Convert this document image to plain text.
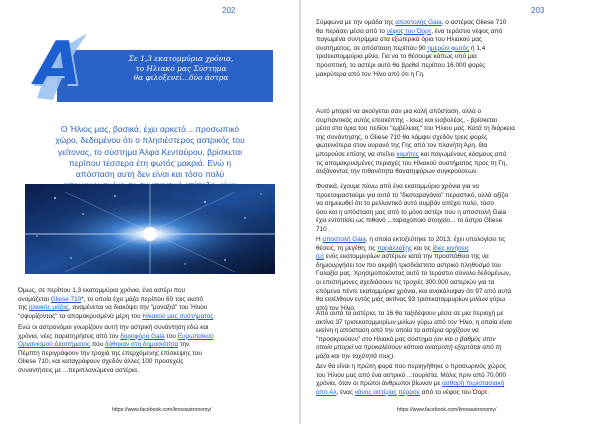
202
A	Σε 1,3 εκατομμύρια χρόνια,
το Ηλιακό μας Σύστημα
θα φιλοξενεί...δύο άστρα
Ο Ήλιος μας, βασικά, έχει αρκετό ...προσωπικό
χώρο, δεδομένου ότι ο πλησιέστερος αστρικός του
γείτονας, το σύστημα Άλφα Κενταύρου, βρίσκεται
περίπου τέσσερα έτη φωτός μακριά. Ενώ η
απόσταση αυτή δεν είναι και τόσο πολύ
Όμως, σε περίπου 1,3 εκατομμύρια χρόνια, ένα αστέρι που
ονομάζεται Gliese 710*, το οποίο έχει μάζα περίπου 60 τοις εκατό
της ηλιακής μάζας, αναμένεται να διακόψει την "μοναξιά" του Ήλιου
"σφυρίζοντας" τα απομακρυσμένα μέρη του Ηλιακού μας συστήματος.
Ενώ οι αστρονόμοι γνωρίζουν αυτή την αστρική συνάντηση εδώ και
χρόνια, νέες παρατηρήσεις από τον δορυφόρο Gaia του Ευρωπαϊκού
Οργανισμού Διαστήματος που δόθηκαν στη δημοσιότητα την
Πέμπτη περιγράφουν την τροχιά της επερχόμενης επίσκεψης του
Gliese 710, και καταγράφουν σχεδόν άλλες 100 προσεχείς
συναντήσεις με ...περιπλανώμενα αστέρια.
https://www.facebook.com/knowastronomy/
203
Σύμφωνα με την ομάδα της αποστολής Gaia, ο αστέρας Gliese 710
θα περάσει μέσα από το νέφος του Όορτ, ένα τεράστιο νέφος από
παγωμένα συντρίμμια στα εξωτερικά όρια του Ηλιακού μας
συστήματος, σε απόσταση περίπου 90 ημερών φωτός ή 1,4
τρισεκατομμύρια μίλια. Για να το θέσουμε κάπως υπό μια
προοπτική, το αστέρι αυτό θα βρεθεί περίπου 16.000 φορές
μακρύτερα από τον Ήλιο από ότι η Γη.
Αυτό μπορεί να ακούγεται σαν μια καλή απόσταση, αλλά ο
συμπαντικός αυτός επισκέπτης - ίσως και εισβολέας, - βρίσκεται
μέσα στα όρια του πεδίου "εμβέλειας" του Ήλιου μας. Κατά τη διάρκεια
της συνάντησης, ο Gliese 710 θα λάμψει σχεδόν τρεις φορές
φωτεινότερα στον ουρανό της Γης από τον πλανήτη Άρη. Θα
μπορούσε επίσης να στείλει κομήτες και παγωμένους κόσμους από
τις απομακρυσμένες περιοχές του Ηλιακού συστήματος προς τη Γη,
αυξάνοντας την πιθανότητα θανατηφόρων συγκρούσεων.
Φυσικά, έχουμε πάνω από ένα εκατομμύριο χρόνια για να
προετοιμαστούμε για αυτό το "διαπαραγάνιο" περαστικό, αλλά αξίζει
να σημειωθεί ότι το μελλοντικό αυτό συμβάν απέχει πολύ, τόσο
όσο και η απόσταση μας από το μόνο αστέρι που η αποστολή Gaia
έχει εντοπίσει ως πιθανό ...ταραχοποιό στοιχείο... το άστρο Gliese
710 .
Η αποστολή Gaia, η οποία εκτοξεύτηκε το 2013, έχει υπολογίσει τις
θέσεις, τη μεγέθη, τις παράλλαξης και τις ίδιες κινήσεις
(μ) ενός εκατομμυρίων αστέρων κατά την προσπάθεια της να
δημιουργήσει τον πιο ακριβή τρισδιάστατο αστρικό πληθυσμό του
Γαλαξία μας. Χρησιμοποιώντας αυτό το τεράστιο σύνολο δεδομένων,
οι επιστήμονες σχεδιάσουν τις τροχιές 300.000 αστεριών για τα
επόμενα πέντε εκατομμύρια χρόνια, και ανακάλυψαν ότι 97 από αυτά
θα εισέλθουν εντός μιας ακτίνας 93 τρισεκατομμυρίων μιλίων γύρω
από τον Ήλιο.
Από αυτά τα αστέρια, τα 16 θα ταξιδέψουν μέσα σε μια περιοχή με
ακτίνα 37 τρισεκατομμυρίων μιλίων γύρω από τον Ήλιο, η οποία είναι
εκείνη η απόσταση από την οποία τα αστέρια αρχίζουν να
"προσκρούουν" στο Ηλιακό μας σύστημα (αν και ο βαθμός στον
οποίο μπορεί να προκαλέσουν κάποια ανατροπή εξαρτάται από τη
μάζα και την ταχύτητά τους).
Δεν θα είναι η πρώτη φορά που περιηγήθηκε ο προσωρινός χώρος
του Ήλιου μας από ένα αστρικό ...τουρίστα. Μόλις πριν από 70.000
χρόνια, όταν οι πρώτοι άνθρωποι βίωναν με ασθαρή περιστασιακή
από Αλ, ένας νάνος αστέρας πέρασε από το νέφος του Όορτ.
https://www.facebook.com/knowastronomy/
